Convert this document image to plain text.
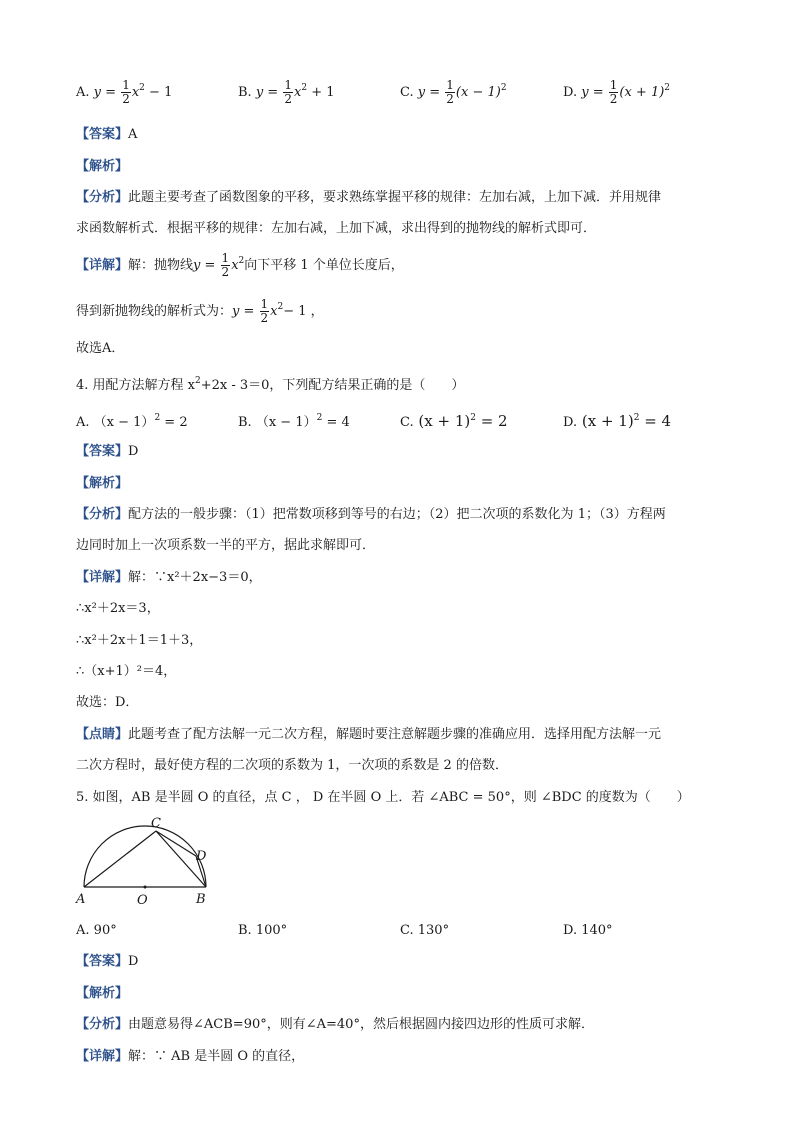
A. $y = \frac{1}{2} x^2 - 1$	B. $y = \frac{1}{2} x^2 + 1$	C. $y = \frac{1}{2} (x - 1)^2$	D. $y = \frac{1}{2} (x + 1)^2$
【答案】A
【解析】
【分析】此题主要考查了函数图象的平移，要求熟练掌握平移的规律：左加右减，上加下减．并用规律
求函数解析式．根据平移的规律：左加右减，上加下减，求出得到的抛物线的解析式即可．
【详解】解：抛物线$y = \frac{1}{2} x^2$向下平移 1 个单位长度后，
得到新抛物线的解析式为：$y = \frac{1}{2} x^2- 1$ ，
故选A．
4. 用配方法解方程 $x^2+2x - 3=0$，下列配方结果正确的是（　　）
A. $(x - 1)^2 = 2$	B. $(x - 1)^2 = 4$	C. $(x + 1)^2 = 2$	D. $(x + 1)^2 = 4$
【答案】D
【解析】
【分析】配方法的一般步骤：（1）把常数项移到等号的右边；（2）把二次项的系数化为 1；（3）方程两
边同时加上一次项系数一半的平方，据此求解即可．
【详解】解：∵x²＋2x−3＝0，
∴x²＋2x＝3，
∴x²＋2x＋1＝1＋3，
∴（x+1）²＝4，
故选：D．
【点睛】此题考查了配方法解一元二次方程，解题时要注意解题步骤的准确应用．选择用配方法解一元
二次方程时，最好使方程的二次项的系数为 1，一次项的系数是 2 的倍数．
5. 如图，AB 是半圆 O 的直径，点 C ， D 在半圆 O 上．若 ∠ABC = 50°，则 ∠BDC 的度数为（　　）
C
D
A	O	B
A. 90°	B. 100°	C. 130°	D. 140°
【答案】D
【解析】
【分析】由题意易得∠ACB=90°，则有∠A=40°，然后根据圆内接四边形的性质可求解．
【详解】解：∵ AB 是半圆 O 的直径，
